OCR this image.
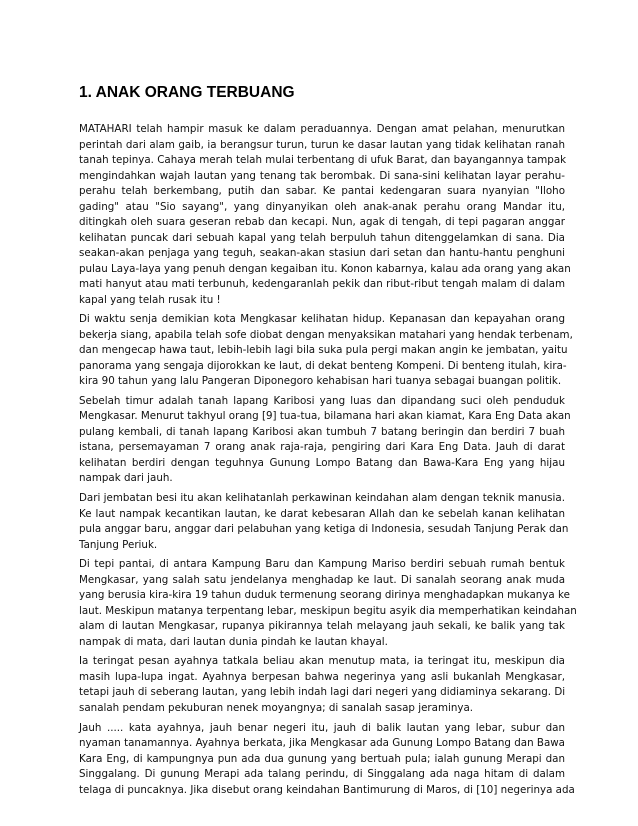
1. ANAK ORANG TERBUANG

MATAHARI telah hampir masuk ke dalam peraduannya. Dengan amat pelahan, menurutkan
perintah dari alam gaib, ia berangsur turun, turun ke dasar lautan yang tidak kelihatan ranah
tanah tepinya. Cahaya merah telah mulai terbentang di ufuk Barat, dan bayangannya tampak
mengindahkan wajah lautan yang tenang tak berombak. Di sana-sini kelihatan layar perahu-
perahu telah berkembang, putih dan sabar. Ke pantai kedengaran suara nyanyian "Iloho
gading" atau "Sio sayang", yang dinyanyikan oleh anak-anak perahu orang Mandar itu,
ditingkah oleh suara geseran rebab dan kecapi. Nun, agak di tengah, di tepi pagaran anggar
kelihatan puncak dari sebuah kapal yang telah berpuluh tahun ditenggelamkan di sana. Dia
seakan-akan penjaga yang teguh, seakan-akan stasiun dari setan dan hantu-hantu penghuni
pulau Laya-laya yang penuh dengan kegaiban itu. Konon kabarnya, kalau ada orang yang akan
mati hanyut atau mati terbunuh, kedengaranlah pekik dan ribut-ribut tengah malam di dalam
kapal yang telah rusak itu !

Di waktu senja demikian kota Mengkasar kelihatan hidup. Kepanasan dan kepayahan orang
bekerja siang, apabila telah sofe diobat dengan menyaksikan matahari yang hendak terbenam,
dan mengecap hawa taut, lebih-lebih lagi bila suka pula pergi makan angin ke jembatan, yaitu
panorama yang sengaja dijorokkan ke laut, di dekat benteng Kompeni. Di benteng itulah, kira-
kira 90 tahun yang lalu Pangeran Diponegoro kehabisan hari tuanya sebagai buangan politik.

Sebelah timur adalah tanah lapang Karibosi yang luas dan dipandang suci oleh penduduk
Mengkasar. Menurut takhyul orang [9] tua-tua, bilamana hari akan kiamat, Kara Eng Data akan
pulang kembali, di tanah lapang Karibosi akan tumbuh 7 batang beringin dan berdiri 7 buah
istana, persemayaman 7 orang anak raja-raja, pengiring dari Kara Eng Data. Jauh di darat
kelihatan berdiri dengan teguhnya Gunung Lompo Batang dan Bawa-Kara Eng yang hijau
nampak dari jauh.

Dari jembatan besi itu akan kelihatanlah perkawinan keindahan alam dengan teknik manusia.
Ke laut nampak kecantikan lautan, ke darat kebesaran Allah dan ke sebelah kanan kelihatan
pula anggar baru, anggar dari pelabuhan yang ketiga di Indonesia, sesudah Tanjung Perak dan
Tanjung Periuk.

Di tepi pantai, di antara Kampung Baru dan Kampung Mariso berdiri sebuah rumah bentuk
Mengkasar, yang salah satu jendelanya menghadap ke laut. Di sanalah seorang anak muda
yang berusia kira-kira 19 tahun duduk termenung seorang dirinya menghadapkan mukanya ke
laut. Meskipun matanya terpentang lebar, meskipun begitu asyik dia memperhatikan keindahan
alam di lautan Mengkasar, rupanya pikirannya telah melayang jauh sekali, ke balik yang tak
nampak di mata, dari lautan dunia pindah ke lautan khayal.

Ia teringat pesan ayahnya tatkala beliau akan menutup mata, ia teringat itu, meskipun dia
masih lupa-lupa ingat. Ayahnya berpesan bahwa negerinya yang asli bukanlah Mengkasar,
tetapi jauh di seberang lautan, yang lebih indah lagi dari negeri yang didiaminya sekarang. Di
sanalah pendam pekuburan nenek moyangnya; di sanalah sasap jeraminya.

Jauh ..... kata ayahnya, jauh benar negeri itu, jauh di balik lautan yang lebar, subur dan
nyaman tanamannya. Ayahnya berkata, jika Mengkasar ada Gunung Lompo Batang dan Bawa
Kara Eng, di kampungnya pun ada dua gunung yang bertuah pula; ialah gunung Merapi dan
Singgalang. Di gunung Merapi ada talang perindu, di Singgalang ada naga hitam di dalam
telaga di puncaknya. Jika disebut orang keindahan Bantimurung di Maros, di [10] negerinya ada
